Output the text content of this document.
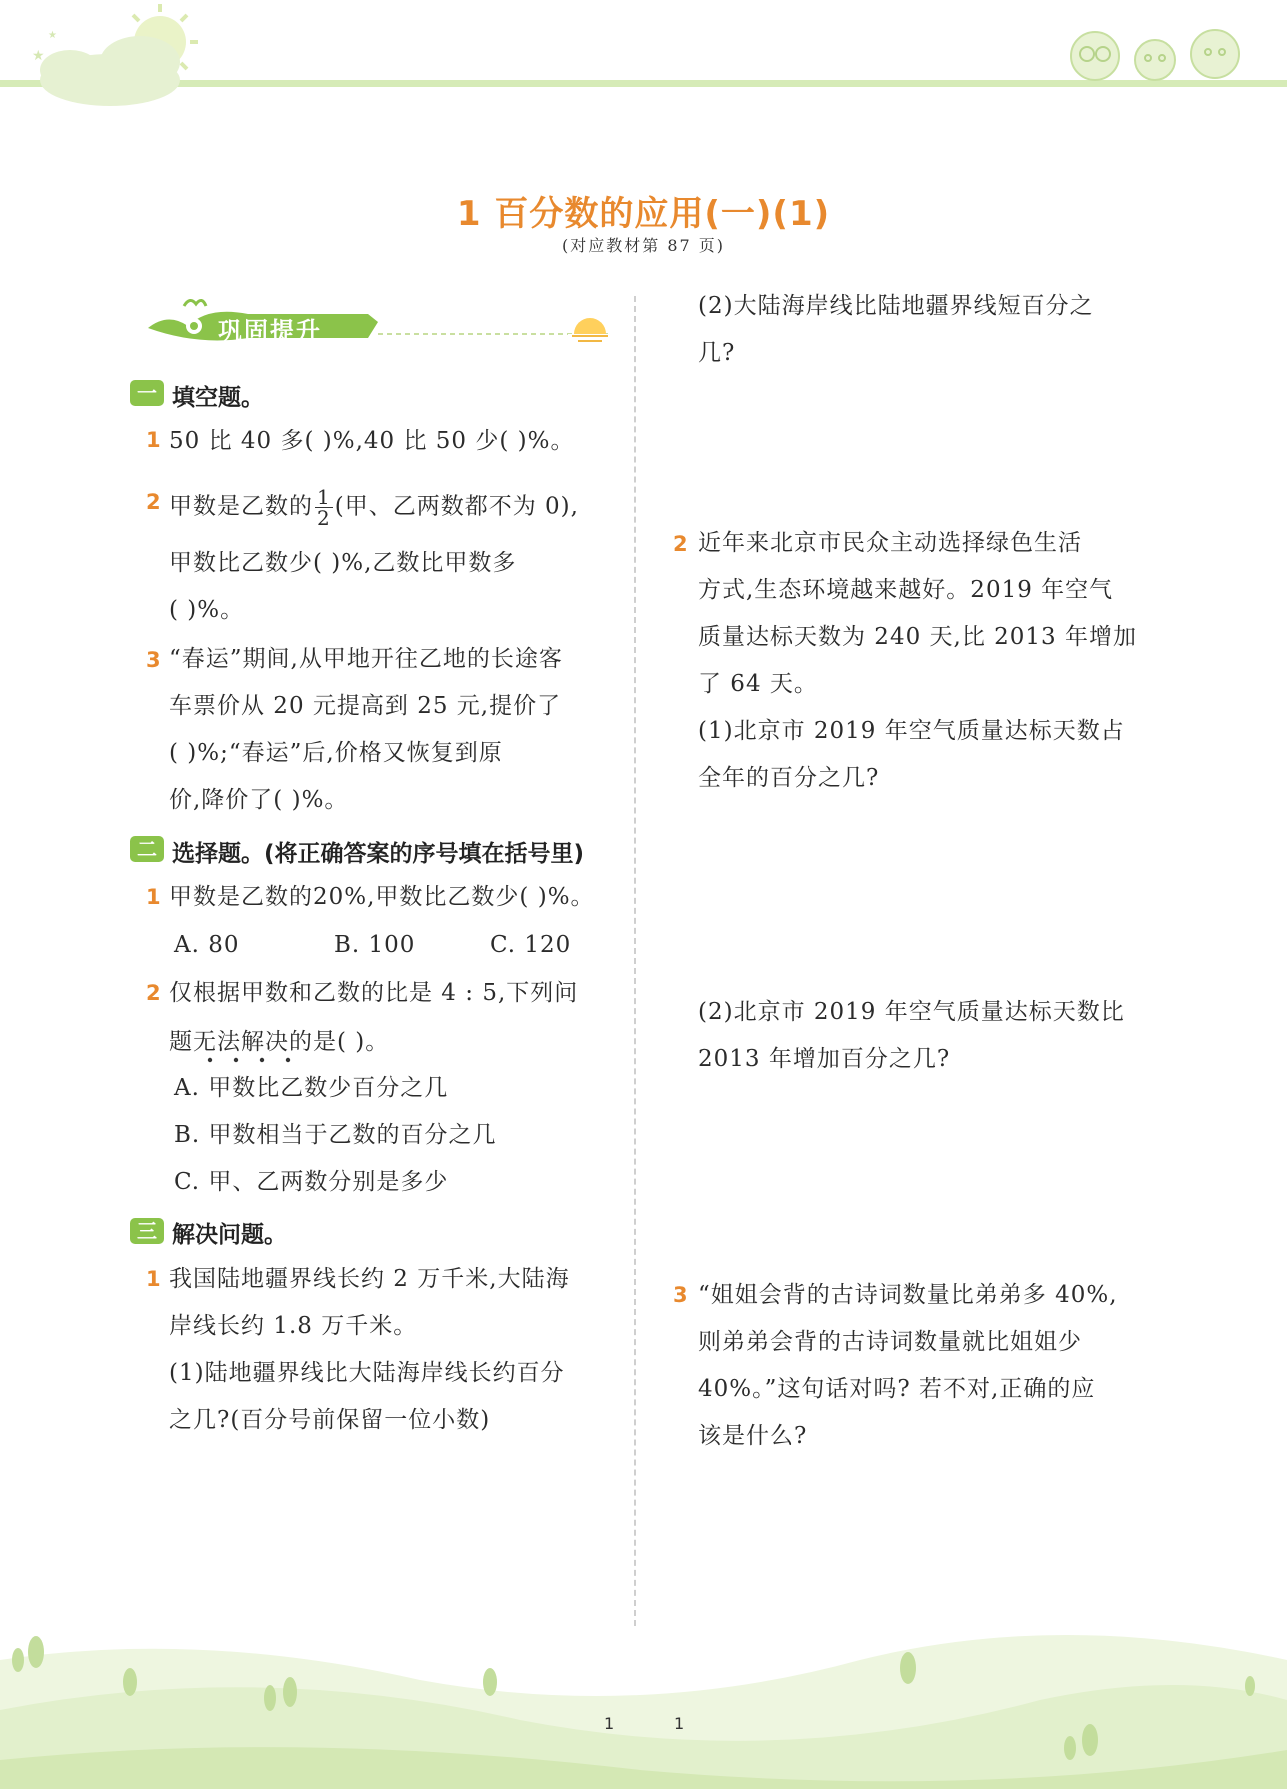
★
★
1 百分数的应用(一)(1)
(对应教材第 87 页)
巩固提升
一 填空题。
1 50 比 40 多( )%,40 比 50 少( )%。
2 甲数是乙数的 $\frac{1}{2}$ (甲、乙两数都不为 0),
甲数比乙数少( )%,乙数比甲数多
( )%。
3 “春运”期间,从甲地开往乙地的长途客
车票价从 20 元提高到 25 元,提价了
( )%;“春运”后,价格又恢复到原
价,降价了( )%。
二 选择题。(将正确答案的序号填在括号里)
1 甲数是乙数的20%,甲数比乙数少( )%。
A. 80	B. 100	C. 120
2 仅根据甲数和乙数的比是 4 : 5,下列问
题无法解决的是( )。
A. 甲数比乙数少百分之几
B. 甲数相当于乙数的百分之几
C. 甲、乙两数分别是多少
三 解决问题。
1 我国陆地疆界线长约 2 万千米,大陆海
岸线长约 1.8 万千米。
(1)陆地疆界线比大陆海岸线长约百分
之几?(百分号前保留一位小数)
(2)大陆海岸线比陆地疆界线短百分之
几?
2 近年来北京市民众主动选择绿色生活
方式,生态环境越来越好。2019 年空气
质量达标天数为 240 天,比 2013 年增加
了 64 天。
(1)北京市 2019 年空气质量达标天数占
全年的百分之几?
(2)北京市 2019 年空气质量达标天数比
2013 年增加百分之几?
3 “姐姐会背的古诗词数量比弟弟多 40%,
则弟弟会背的古诗词数量就比姐姐少
40%。”这句话对吗? 若不对,正确的应
该是什么?
1	1
